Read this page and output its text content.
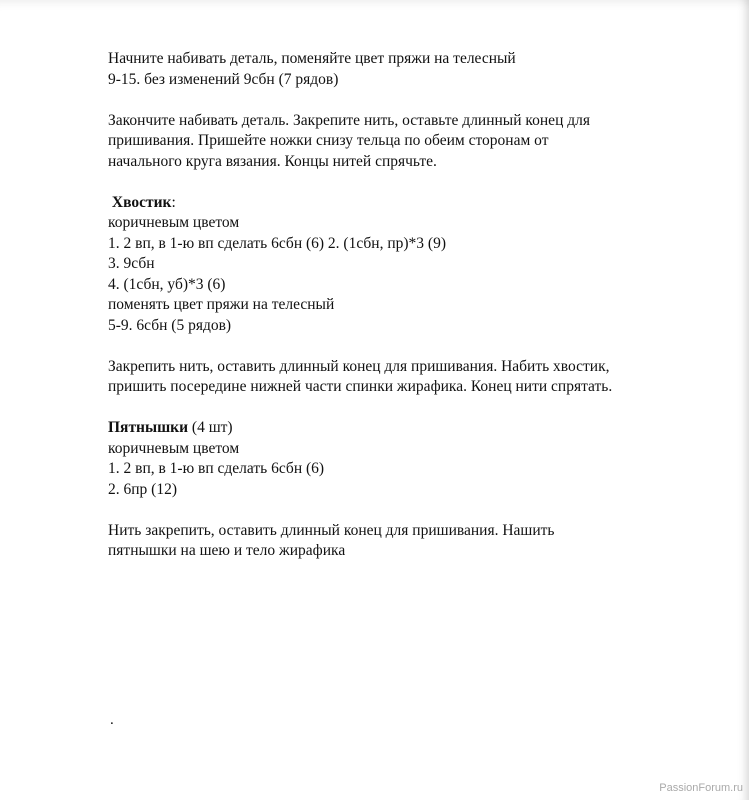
Начните набивать деталь, поменяйте цвет пряжи на телесный
9-15. без изменений 9сбн (7 рядов)
Закончите набивать деталь. Закрепите нить, оставьте длинный конец для
пришивания. Пришейте ножки снизу тельца по обеим сторонам от
начального круга вязания. Концы нитей спрячьте.
Хвостик:
коричневым цветом
1. 2 вп, в 1-ю вп сделать 6сбн (6) 2. (1сбн, пр)*3 (9)
3. 9сбн
4. (1сбн, уб)*3 (6)
поменять цвет пряжи на телесный
5-9. 6сбн (5 рядов)
Закрепить нить, оставить длинный конец для пришивания. Набить хвостик,
пришить посередине нижней части спинки жирафика. Конец нити спрятать.
Пятнышки (4 шт)
коричневым цветом
1. 2 вп, в 1-ю вп сделать 6сбн (6)
2. 6пр (12)
Нить закрепить, оставить длинный конец для пришивания. Нашить
пятнышки на шею и тело жирафика
.
PassionForum.ru
